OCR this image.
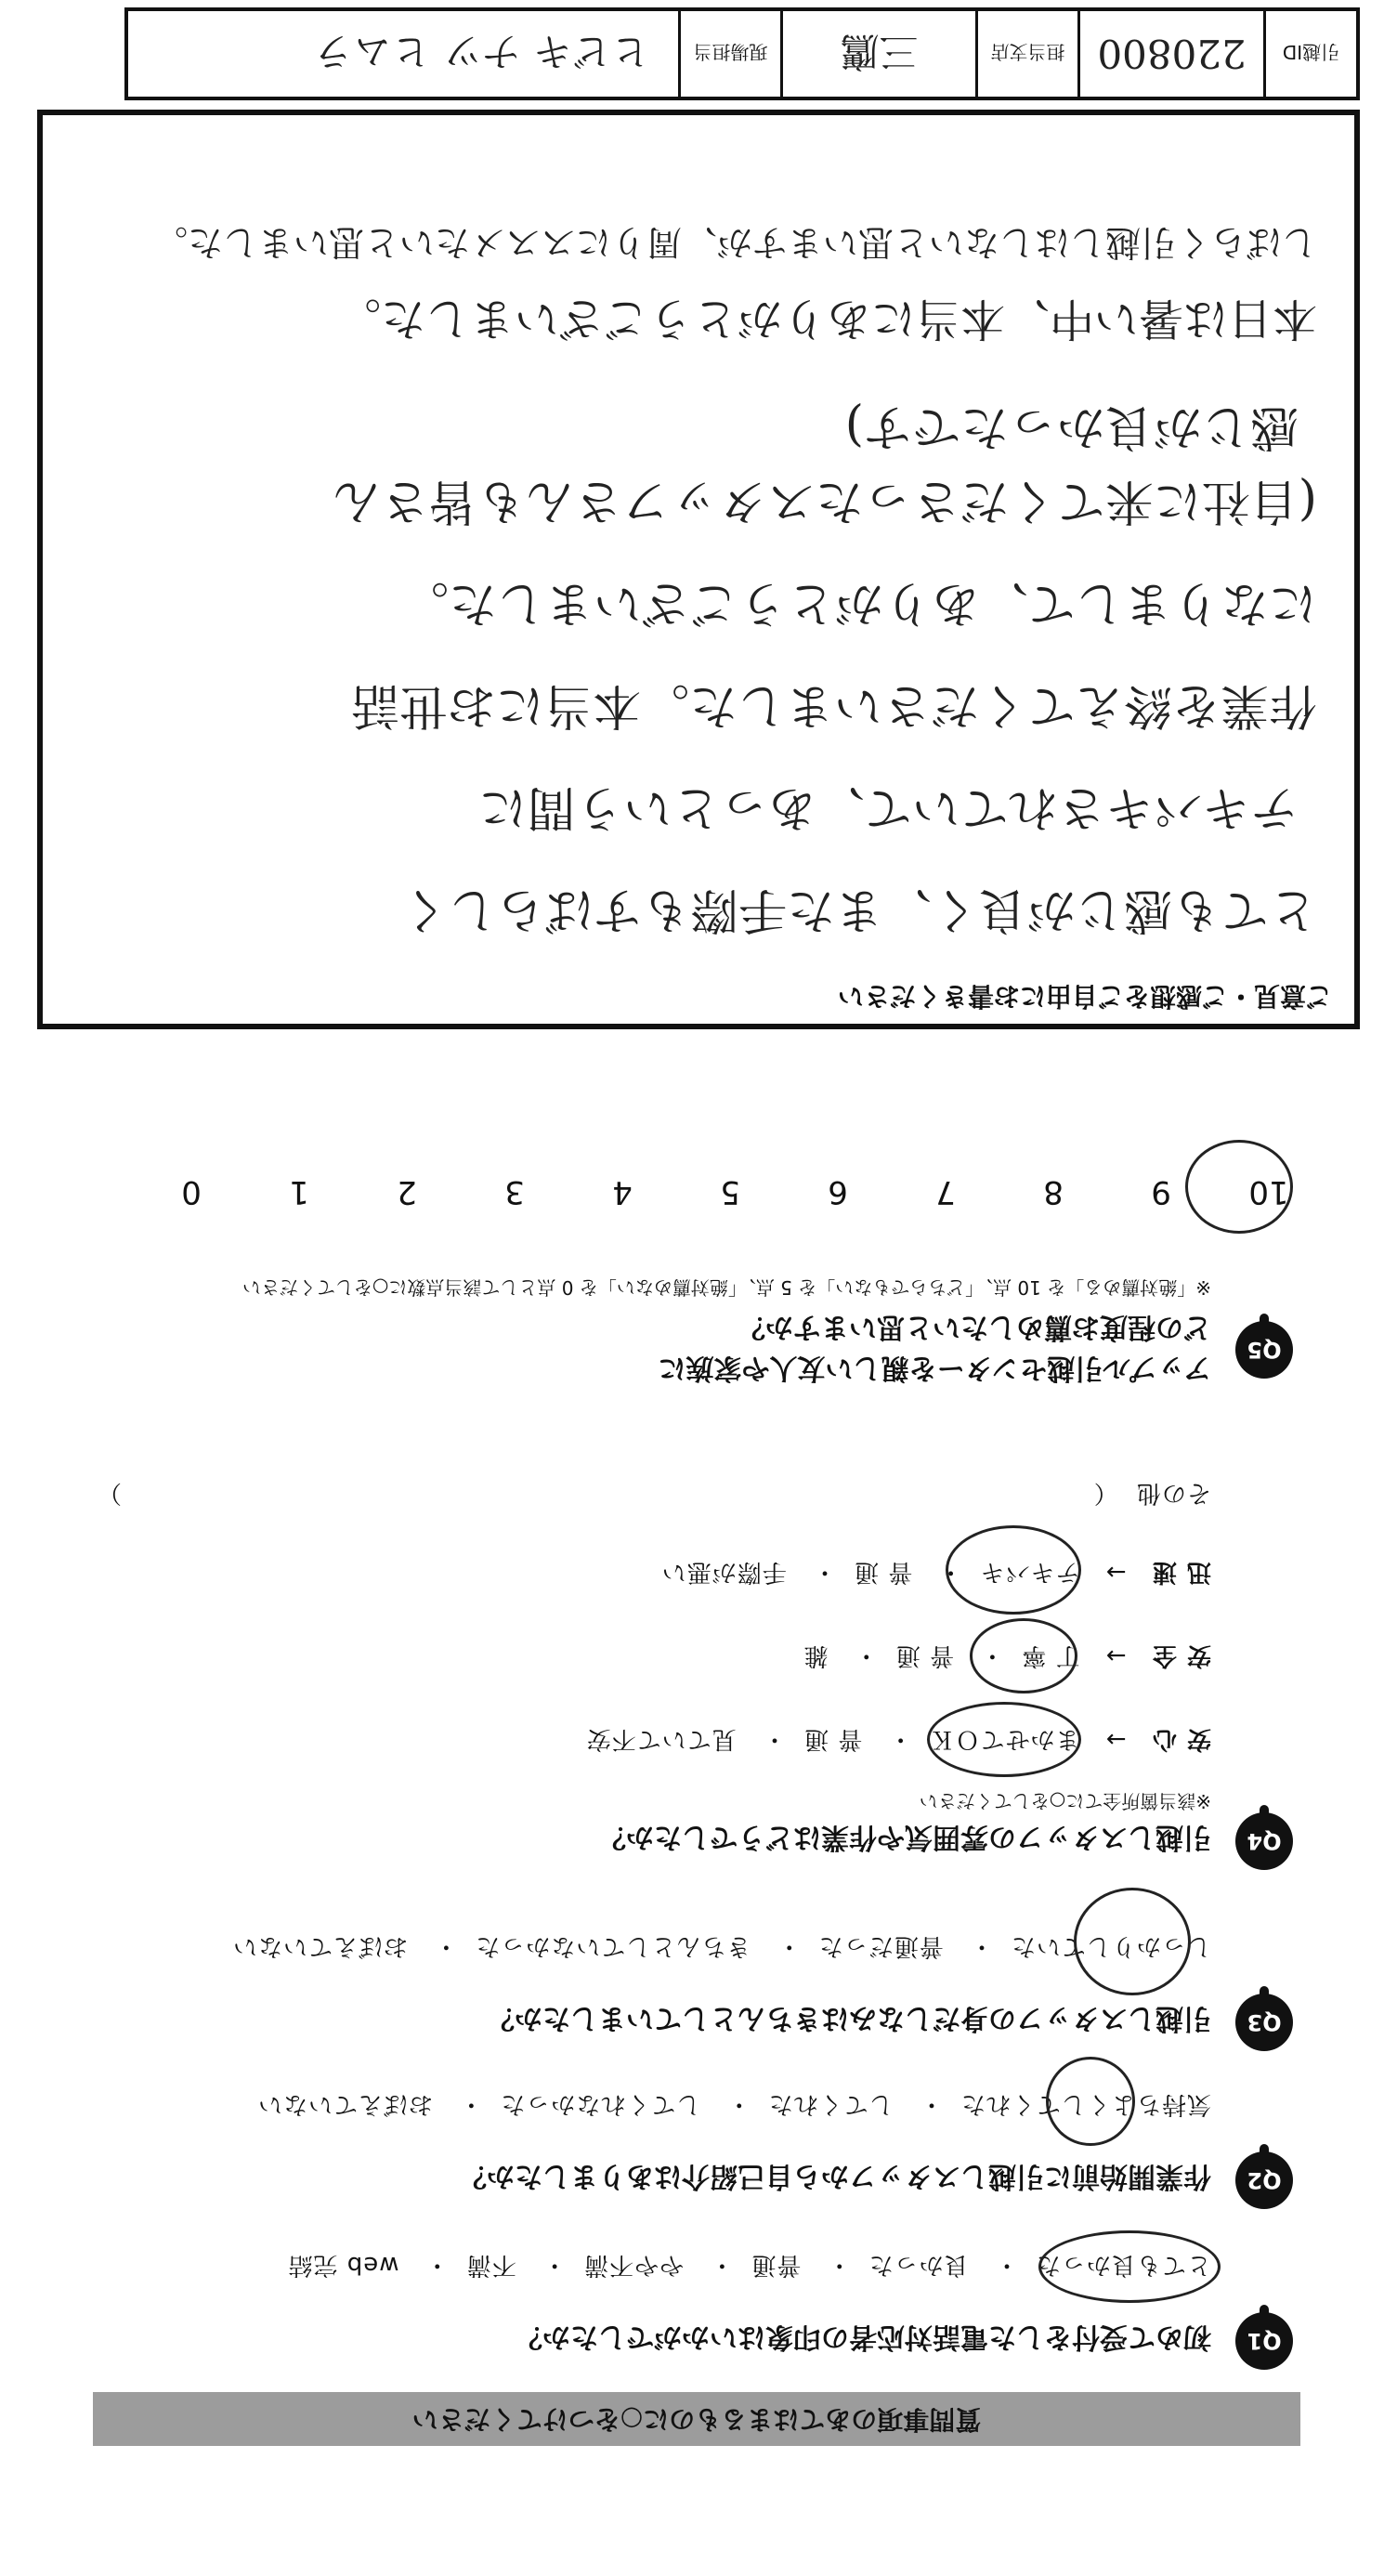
質問事項のあてはまるものに○をつけてください
Q1
初めて受付をした電話対応者の印象はいかがでしたか？
とても良かった・ 良かった・ 普通・ やや不満・ 不満・ web 完結
Q2
作業開始前に引越しスタッフから自己紹介はありましたか？
気持ちよくしてくれた・ してくれた・ してくれなかった・ おぼえていない
Q3
引越しスタッフの身だしなみはきちんとしていましたか？
しっかりしていた・ 普通だった・ きちんとしていなかった・ おぼえていない
Q4
引越しスタッフの雰囲気や作業はどうでしたか？
※該当箇所全てに○をしてください
安 心 → まかせてＯＫ・ 普 通・ 見ていて不安
安 全 → 丁 寧・ 普 通・ 雑
迅 速 → テキパキ・ 普 通・ 手際が悪い
その他 （
）
Q5
アップル引越センターを親しい友人や家族に
どの程度お薦めしたいと思いますか？
※「絶対薦める」を 10 点、「どちらでもない」を 5 点、「絶対薦めない」を 0 点として該当点数に○をしてください
109876543210
ご意見・ご感想をご自由にお書きください
とても感じが良く、また手際もすばらしく
テキパキされていて、あっという間に
作業を終えてくださいました。本当にお世話
になりまして、ありがとうございました。
(自社に来てくださったスタッフさんも皆さん
感じが良かったです)
本日は暑い中、本当にありがとうございました。
しばらく引越しはしないと思いますが、周りにススメたいと思いました。
引越ID
220800
担当支店
三鷹
現場担当
ヒビキ ナツ ヒムラ
